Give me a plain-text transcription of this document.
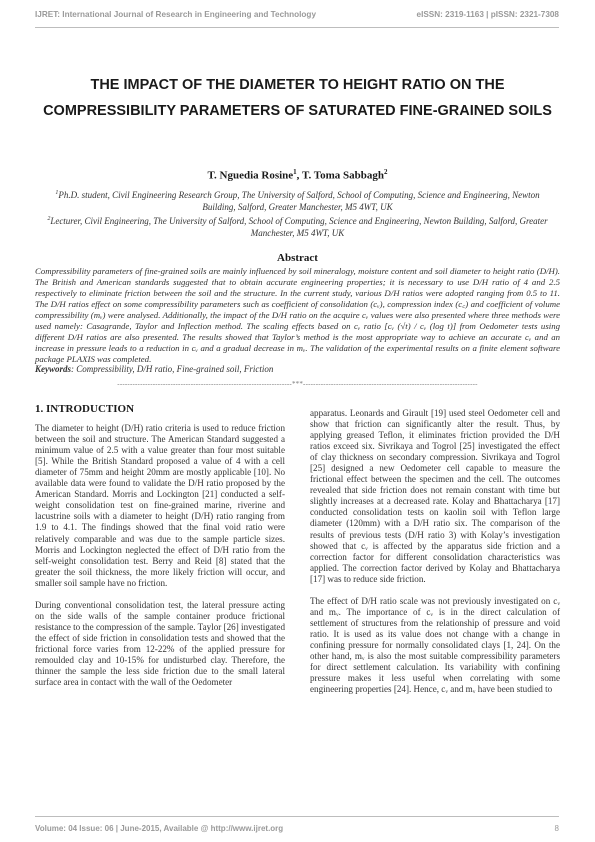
IJRET: International Journal of Research in Engineering and Technology	eISSN: 2319-1163 | pISSN: 2321-7308
THE IMPACT OF THE DIAMETER TO HEIGHT RATIO ON THE COMPRESSIBILITY PARAMETERS OF SATURATED FINE-GRAINED SOILS
T. Nguedia Rosine$^1$, T. Toma Sabbagh$^2$
$^1$Ph.D. student, Civil Engineering Research Group, The University of Salford, School of Computing, Science and Engineering, Newton Building, Salford, Greater Manchester, M5 4WT, UK
$^2$Lecturer, Civil Engineering, The University of Salford, School of Computing, Science and Engineering, Newton Building, Salford, Greater Manchester, M5 4WT, UK
Abstract
Compressibility parameters of fine-grained soils are mainly influenced by soil mineralogy, moisture content and soil diameter to height ratio (D/H). The British and American standards suggested that to obtain accurate engineering properties; it is necessary to use D/H ratio of 4 and 2.5 respectively to eliminate friction between the soil and the structure. In the current study, various D/H ratios were adopted ranging from 0.5 to 11. The D/H ratios effect on some compressibility parameters such as coefficient of consolidation (cᵥ), compression index (c꜀) and coefficient of volume compressibility (mᵥ) were analysed. Additionally, the impact of the D/H ratio on the acquire cᵥ values were also presented where three methods were used namely: Casagrande, Taylor and Inflection method. The scaling effects based on cᵥ ratio [cᵥ (√t) / cᵥ (log t)] from Oedometer tests using different D/H ratios are also presented. The results showed that Taylor’s method is the most appropriate way to achieve an accurate cᵥ and an increase in pressure leads to a reduction in cᵥ and a gradual decrease in mᵥ. The validation of the experimental results on a finite element software package PLAXIS was completed.
Keywords: Compressibility, D/H ratio, Fine-grained soil, Friction
---------------------------------------------------------------------***---------------------------------------------------------------------
1. INTRODUCTION

The diameter to height (D/H) ratio criteria is used to reduce friction between the soil and structure. The American Standard suggested a minimum value of 2.5 with a value greater than four most suitable [5]. While the British Standard proposed a value of 4 with a cell diameter of 75mm and height 20mm are mostly applicable [10]. No available data were found to validate the D/H ratio proposed by the American Standard. Morris and Lockington [21] conducted a self-weight consolidation test on fine-grained marine, riverine and lacustrine soils with a diameter to height (D/H) ratio ranging from 1.9 to 4.1. The findings showed that the final void ratio were relatively comparable and was due to the sample particle sizes. Morris and Lockington neglected the effect of D/H ratio from the self-weight consolidation test. Berry and Reid [8] stated that the greater the soil thickness, the more likely friction will occur, and smaller soil sample have no friction.

During conventional consolidation test, the lateral pressure acting on the side walls of the sample container produce frictional resistance to the compression of the sample. Taylor [26] investigated the effect of side friction in consolidation tests and showed that the frictional force varies from 12-22% of the applied pressure for remoulded clay and 10-15% for undisturbed clay. Therefore, the thinner the sample the less side friction due to the small lateral surface area in contact with the wall of the Oedometer

apparatus. Leonards and Girault [19] used steel Oedometer cell and show that friction can significantly alter the result. Thus, by applying greased Teflon, it eliminates friction provided the D/H ratios exceed six. Sivrikaya and Togrol [25] investigated the effect of clay thickness on secondary compression. Sivrikaya and Togrol [25] designed a new Oedometer cell capable to measure the frictional effect between the specimen and the cell. The outcomes revealed that side friction does not remain constant with time but slightly increases at a decreased rate. Kolay and Bhattacharya [17] conducted consolidation tests on kaolin soil with Teflon large diameter (120mm) with a D/H ratio six. The comparison of the results of previous tests (D/H ratio 3) with Kolay’s investigation showed that cᵥ is affected by the apparatus side friction and a correction factor for different consolidation characteristics was applied. The correction factor derived by Kolay and Bhattacharya [17] was to reduce side friction.

The effect of D/H ratio scale was not previously investigated on cᵥ and mᵥ. The importance of cᵥ is in the direct calculation of settlement of structures from the relationship of pressure and void ratio. It is used as its value does not change with a change in confining pressure for normally consolidated clays [1, 24]. On the other hand, mᵥ is also the most suitable compressibility parameters for direct settlement calculation. Its variability with confining pressure makes it less useful when correlating with some engineering properties [24]. Hence, cᵥ and mᵥ have been studied to

Volume: 04 Issue: 06 | June-2015, Available @ http://www.ijret.org	8
